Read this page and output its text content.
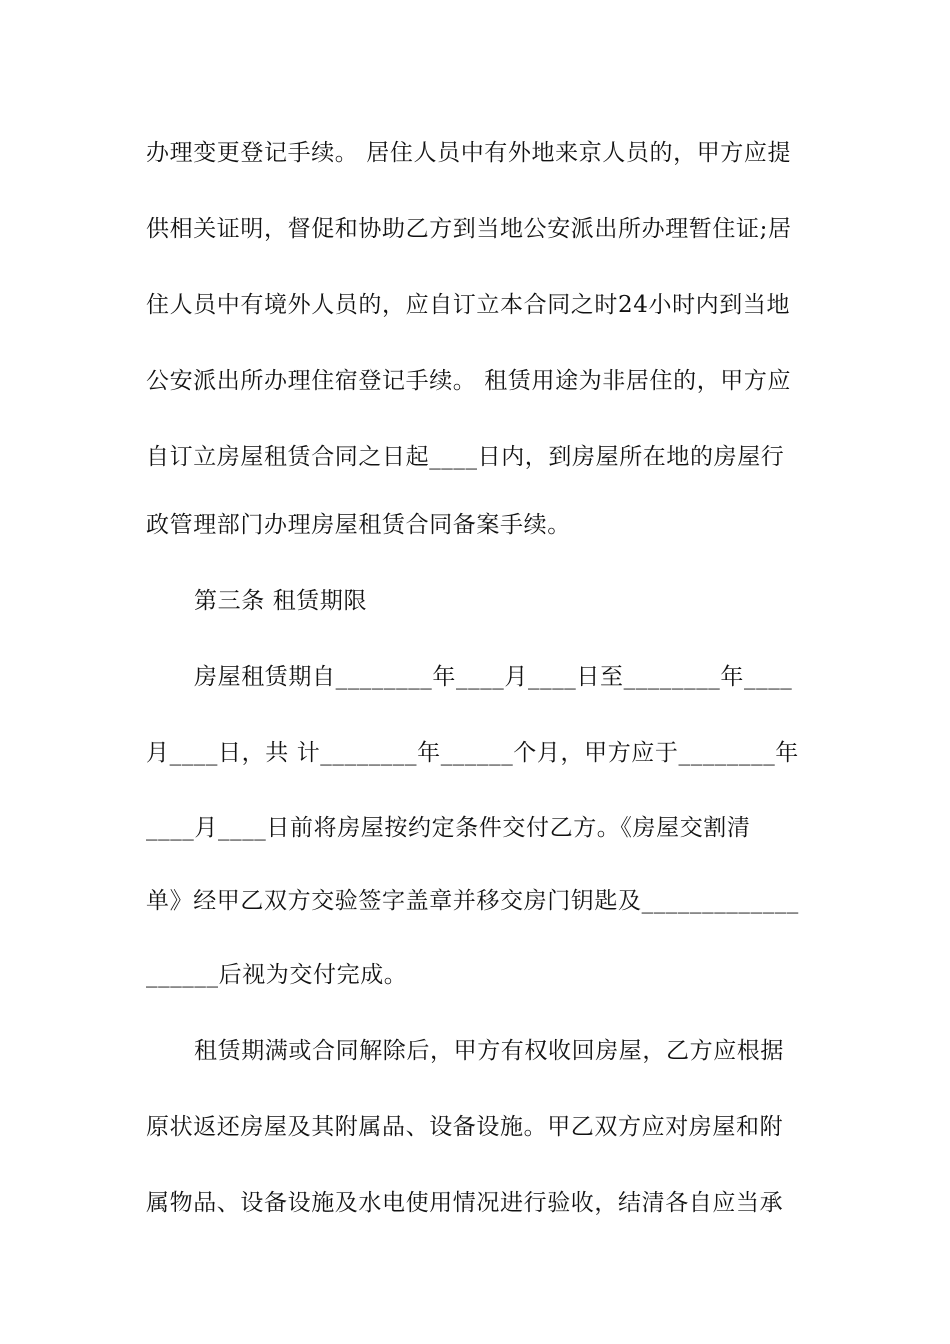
办理变更登记手续。 居住人员中有外地来京人员的，甲方应提
供相关证明，督促和协助乙方到当地公安派出所办理暂住证;居
住人员中有境外人员的，应自订立本合同之时24小时内到当地
公安派出所办理住宿登记手续。 租赁用途为非居住的，甲方应
自订立房屋租赁合同之日起____日内，到房屋所在地的房屋行
政管理部门办理房屋租赁合同备案手续。
第三条 租赁期限
房屋租赁期自________年____月____日至________年____
月____日，共 计________年______个月，甲方应于________年
____月____日前将房屋按约定条件交付乙方。《房屋交割清
单》经甲乙双方交验签字盖章并移交房门钥匙及_____________
______后视为交付完成。
租赁期满或合同解除后，甲方有权收回房屋，乙方应根据
原状返还房屋及其附属品、设备设施。甲乙双方应对房屋和附
属物品、设备设施及水电使用情况进行验收，结清各自应当承
